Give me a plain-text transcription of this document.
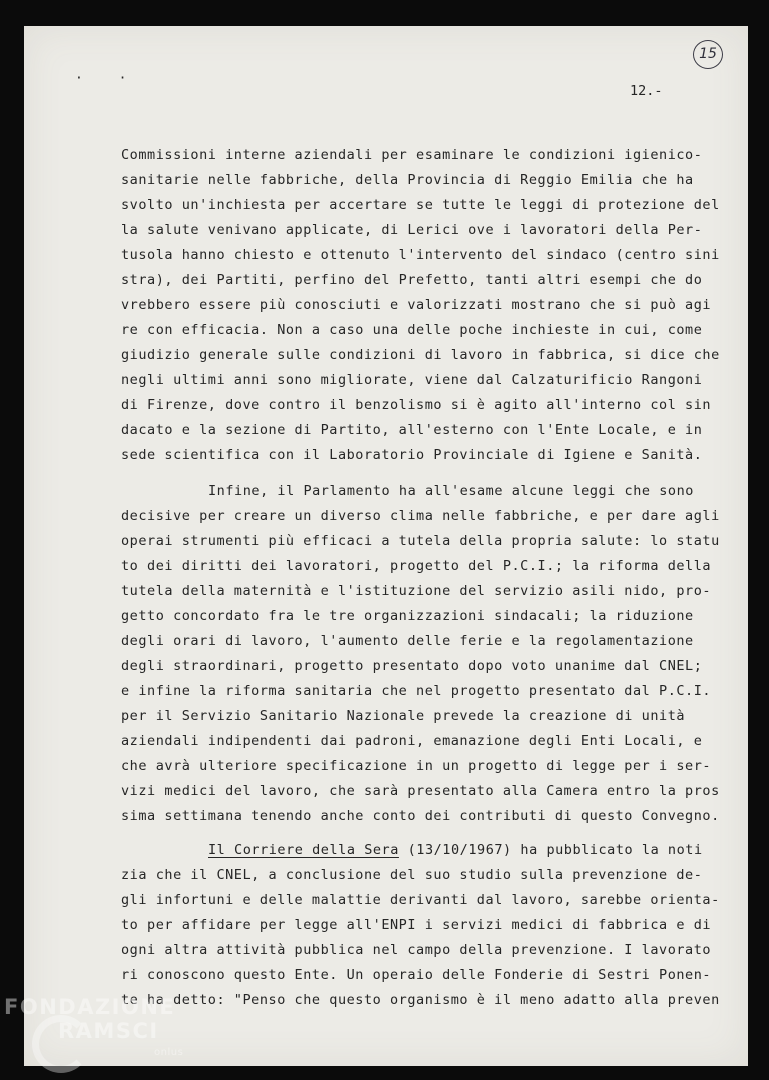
· ·
12.-
15
Commissioni interne aziendali per esaminare le condizioni igienico-
sanitarie nelle fabbriche, della Provincia di Reggio Emilia che ha
svolto un'inchiesta per accertare se tutte le leggi di protezione del
la salute venivano applicate, di Lerici ove i lavoratori della Per-
tusola hanno chiesto e ottenuto l'intervento del sindaco (centro sini
stra), dei Partiti, perfino del Prefetto, tanti altri esempi che do
vrebbero essere più conosciuti e valorizzati mostrano che si può agi
re con efficacia. Non a caso una delle poche inchieste in cui, come
giudizio generale sulle condizioni di lavoro in fabbrica, si dice che
negli ultimi anni sono migliorate, viene dal Calzaturificio Rangoni
di Firenze, dove contro il benzolismo si è agito all'interno col sin
dacato e la sezione di Partito, all'esterno con l'Ente Locale, e in
sede scientifica con il Laboratorio Provinciale di Igiene e Sanità.
Infine, il Parlamento ha all'esame alcune leggi che sono
decisive per creare un diverso clima nelle fabbriche, e per dare agli
operai strumenti più efficaci a tutela della propria salute: lo statu
to dei diritti dei lavoratori, progetto del P.C.I.; la riforma della
tutela della maternità e l'istituzione del servizio asili nido, pro-
getto concordato fra le tre organizzazioni sindacali; la riduzione
degli orari di lavoro, l'aumento delle ferie e la regolamentazione
degli straordinari, progetto presentato dopo voto unanime dal CNEL;
e infine la riforma sanitaria che nel progetto presentato dal P.C.I.
per il Servizio Sanitario Nazionale prevede la creazione di unità
aziendali indipendenti dai padroni, emanazione degli Enti Locali, e
che avrà ulteriore specificazione in un progetto di legge per i ser-
vizi medici del lavoro, che sarà presentato alla Camera entro la pros
sima settimana tenendo anche conto dei contributi di questo Convegno.
Il Corriere della Sera (13/10/1967) ha pubblicato la noti
zia che il CNEL, a conclusione del suo studio sulla prevenzione de-
gli infortuni e delle malattie derivanti dal lavoro, sarebbe orienta-
to per affidare per legge all'ENPI i servizi medici di fabbrica e di
ogni altra attività pubblica nel campo della prevenzione. I lavorato
ri conoscono questo Ente. Un operaio delle Fonderie di Sestri Ponen-
te ha detto: "Penso che questo organismo è il meno adatto alla preven
FONDAZIONE
RAMSCI
onlus
